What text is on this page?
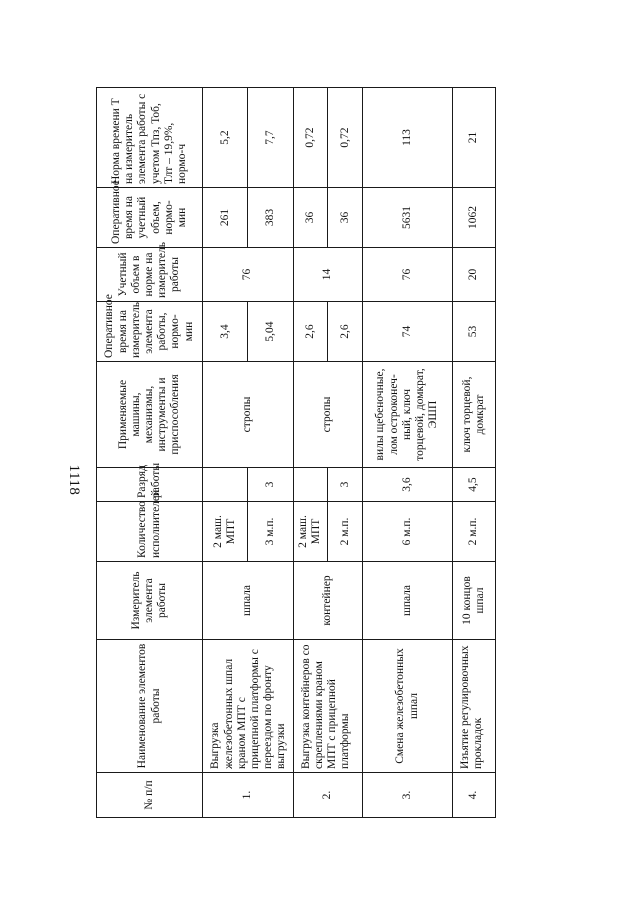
1118
№ п/п	Наименование элементов работы	Измеритель элемента работы	Количество исполнителей	Разряд работы	Применяемые машины, механизмы, инструменты и приспособления	Оперативное время на измеритель элемента работы, нормо-мин	Учетный объем в норме на измеритель работы	Оперативное время на учетный объем, нормо-мин	Норма времени Т на измеритель элемента работы с учетом Тпз, Тоб, Тлт – 19,9%, нормо-ч
1.	Выгрузка железобетонных шпал краном МПТ с прицепной платформы с переездом по фронту выгрузки	шпала	2 маш. МПТ		стропы	3,4	76	261	5,2
			3 м.п.	3		5,04		383	7,7
2.	Выгрузка контейнеров со скреплениями краном МПТ с прицепной платформы	контейнер	2 маш. МПТ		стропы	2,6	14	36	0,72
			2 м.п.	3		2,6		36	0,72
3.	Смена железобетонных шпал	шпала	6 м.п.	3,6	вилы щебеночные, лом остроконеч-ный, ключ торцевой, домкрат, ЭШП	74	76	5631	113
4.	Изъятие регулировочных прокладок	10 концов шпал	2 м.п.	4,5	ключ торцевой, домкрат	53	20	1062	21
